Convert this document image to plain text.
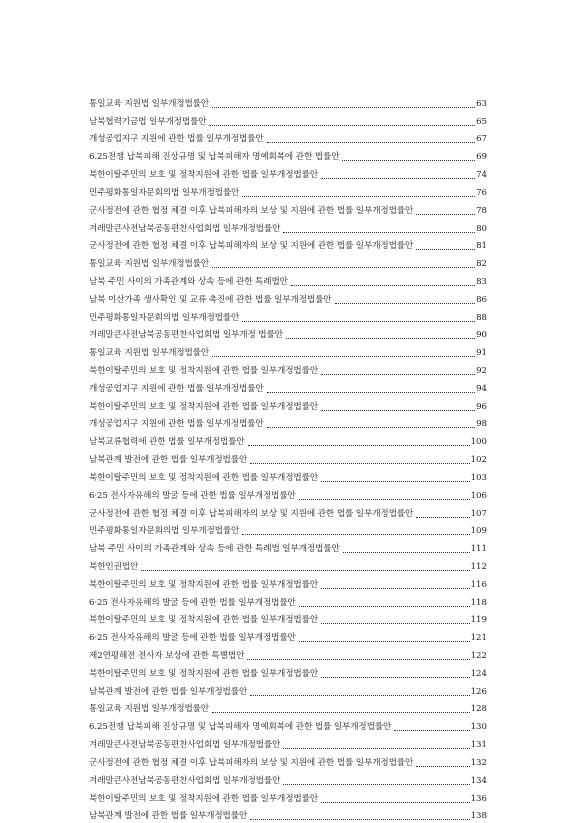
통일교육 지원법 일부개정법률안	63
남북협력기금법 일부개정법률안	65
개성공업지구 지원에 관한 법률 일부개정법률안	67
6.25전쟁 납북피해 진상규명 및 납북피해자 명예회복에 관한 법률안	69
북한이탈주민의 보호 및 정착지원에 관한 법률 일부개정법률안	74
민주평화통일자문회의법 일부개정법률안	76
군사정전에 관한 협정 체결 이후 납북피해자의 보상 및 지원에 관한 법률 일부개정법률안	78
겨레말큰사전남북공동편찬사업회법 일부개정법률안	80
군사정전에 관한 협정 체결 이후 납북피해자의 보상 및 지원에 관한 법률 일부개정법률안	81
통일교육 지원법 일부개정법률안	82
남북 주민 사이의 가족관계와 상속 등에 관한 특례법안	83
남북 이산가족 생사확인 및 교류 촉진에 관한 법률 일부개정법률안	86
민주평화통일자문회의법 일부개정법률안	88
겨레말큰사전남북공동편찬사업회법 일부개정 법률안	90
통일교육 지원법 일부개정법률안	91
북한이탈주민의 보호 및 정착지원에 관한 법률 일부개정법률안	92
개성공업지구 지원에 관한 법률 일부개정법률안	94
북한이탈주민의 보호 및 정착지원에 관한 법률 일부개정법률안	96
개성공업지구 지원에 관한 법률 일부개정법률안	98
남북교류협력에 관한 법률 일부개정법률안	100
남북관계 발전에 관한 법률 일부개정법률안	102
북한이탈주민의 보호 및 정착지원에 관한 법률 일부개정법률안	103
6·25 전사자유해의 발굴 등에 관한 법률 일부개정법률안	106
군사정전에 관한 협정 체결 이후 납북피해자의 보상 및 지원에 관한 법률 일부개정법률안	107
민주평화통일자문회의법 일부개정법률안	109
남북 주민 사이의 가족관계와 상속 등에 관한 특례법 일부개정법률안	111
북한인권법안	112
북한이탈주민의 보호 및 정착지원에 관한 법률 일부개정법률안	116
6·25 전사자유해의 발굴 등에 관한 법률 일부개정법률안	118
북한이탈주민의 보호 및 정착지원에 관한 법률 일부개정법률안	119
6·25 전사자유해의 발굴 등에 관한 법률 일부개정법률안	121
제2연평해전 전사자 보상에 관한 특별법안	122
북한이탈주민의 보호 및 정착지원에 관한 법률 일부개정법률안	124
남북관계 발전에 관한 법률 일부개정법률안	126
통일교육 지원법 일부개정법률안	128
6.25전쟁 납북피해 진상규명 및 납북피해자 명예회복에 관한 법률 일부개정법률안	130
겨레말큰사전남북공동편찬사업회법 일부개정법률안	131
군사정전에 관한 협정 체결 이후 납북피해자의 보상 및 지원에 관한 법률 일부개정법률안	132
겨레말큰사전남북공동편찬사업회법 일부개정법률안	134
북한이탈주민의 보호 및 정착지원에 관한 법률 일부개정법률안	136
남북관계 발전에 관한 법률 일부개정법률안	138
